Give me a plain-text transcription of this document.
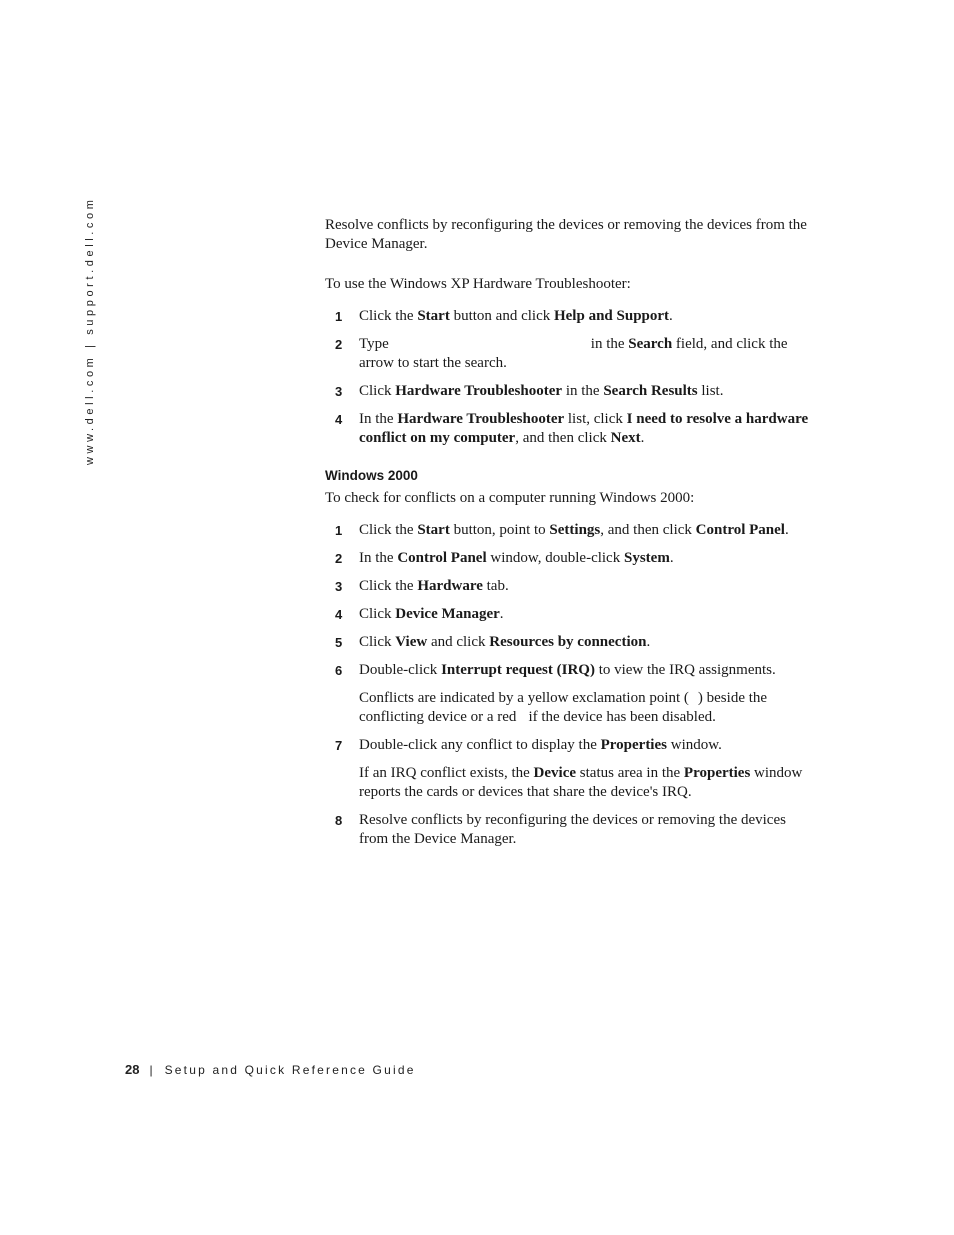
www.dell.com | support.dell.com	Resolve conflicts by reconfiguring the devices or removing the devices from the Device Manager.

To use the Windows XP Hardware Troubleshooter:

1 Click the Start button and click Help and Support.
2 Type	in the Search field, and click the arrow to start the search.
3 Click Hardware Troubleshooter in the Search Results list.
4 In the Hardware Troubleshooter list, click I need to resolve a hardware conflict on my computer, and then click Next.
Windows 2000

To check for conflicts on a computer running Windows 2000:

1 Click the Start button, point to Settings, and then click Control Panel.
2 In the Control Panel window, double-click System.
3 Click the Hardware tab.
4 Click Device Manager.
5 Click View and click Resources by connection.
6 Double-click Interrupt request (IRQ) to view the IRQ assignments.
Conflicts are indicated by a yellow exclamation point ( ) beside the conflicting device or a red if the device has been disabled.
7 Double-click any conflict to display the Properties window.
If an IRQ conflict exists, the Device status area in the Properties window reports the cards or devices that share the device's IRQ.
8 Resolve conflicts by reconfiguring the devices or removing the devices from the Device Manager.
28 | Setup and Quick Reference Guide
